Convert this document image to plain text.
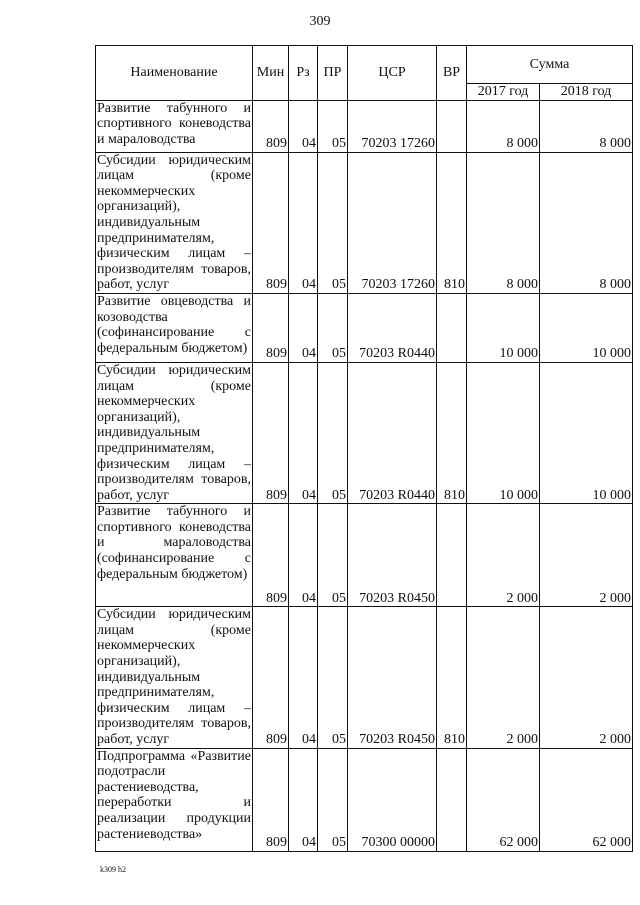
309
Наименование	Мин	Рз	ПР	ЦСР	ВР	Сумма	
						2017 год	2018 год
Развитие табунного и спортивного коневодства и мараловодства	809	04	05	70203 17260		8 000	8 000
Субсидии юридическим лицам (кроме некоммерческих организаций), индивидуальным предпринимателям, физическим лицам – производителям товаров, работ, услуг	809	04	05	70203 17260	810	8 000	8 000
Развитие овцеводства и козоводства (софинансирование с федеральным бюджетом)	809	04	05	70203 R0440		10 000	10 000
Субсидии юридическим лицам (кроме некоммерческих организаций), индивидуальным предпринимателям, физическим лицам – производителям товаров, работ, услуг	809	04	05	70203 R0440	810	10 000	10 000
Развитие табунного и спортивного коневодства и мараловодства (софинансирование с федеральным бюджетом)	809	04	05	70203 R0450		2 000	2 000
Субсидии юридическим лицам (кроме некоммерческих организаций), индивидуальным предпринимателям, физическим лицам – производителям товаров, работ, услуг	809	04	05	70203 R0450	810	2 000	2 000
Подпрограмма «Развитие подотрасли растениеводства, переработки и реализации продукции растениеводства»	809	04	05	70300 00000		62 000	62 000
k309 h2
